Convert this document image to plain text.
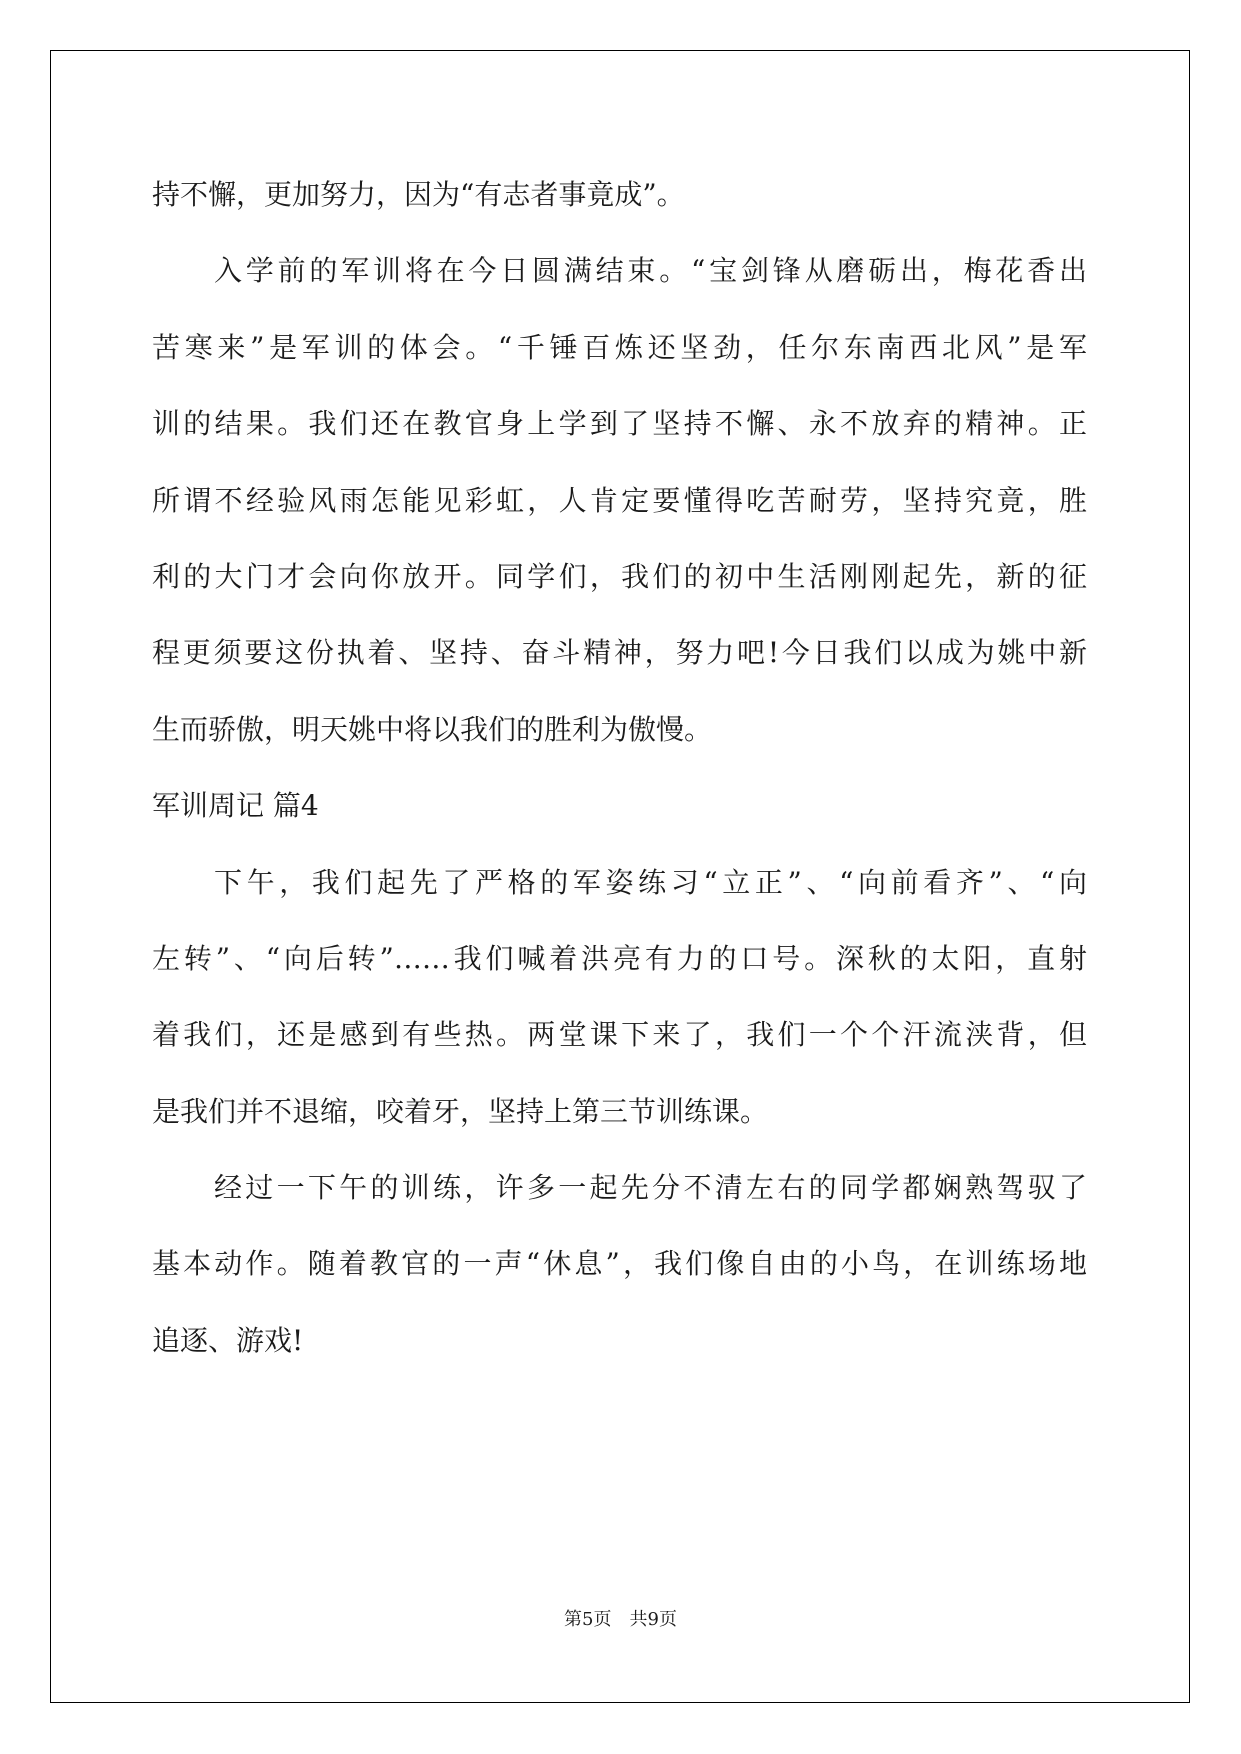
持不懈，更加努力，因为“有志者事竟成”。
入学前的军训将在今日圆满结束。“宝剑锋从磨砺出，梅花香出
苦寒来”是军训的体会。“千锤百炼还坚劲，任尔东南西北风”是军
训的结果。我们还在教官身上学到了坚持不懈、永不放弃的精神。正
所谓不经验风雨怎能见彩虹，人肯定要懂得吃苦耐劳，坚持究竟，胜
利的大门才会向你放开。同学们，我们的初中生活刚刚起先，新的征
程更须要这份执着、坚持、奋斗精神，努力吧!今日我们以成为姚中新
生而骄傲，明天姚中将以我们的胜利为傲慢。
军训周记 篇4
下午，我们起先了严格的军姿练习“立正”、“向前看齐”、“向
左转”、“向后转”……我们喊着洪亮有力的口号。深秋的太阳，直射
着我们，还是感到有些热。两堂课下来了，我们一个个汗流浃背，但
是我们并不退缩，咬着牙，坚持上第三节训练课。
经过一下午的训练，许多一起先分不清左右的同学都娴熟驾驭了
基本动作。随着教官的一声“休息”，我们像自由的小鸟，在训练场地
追逐、游戏!
第5页　共9页
